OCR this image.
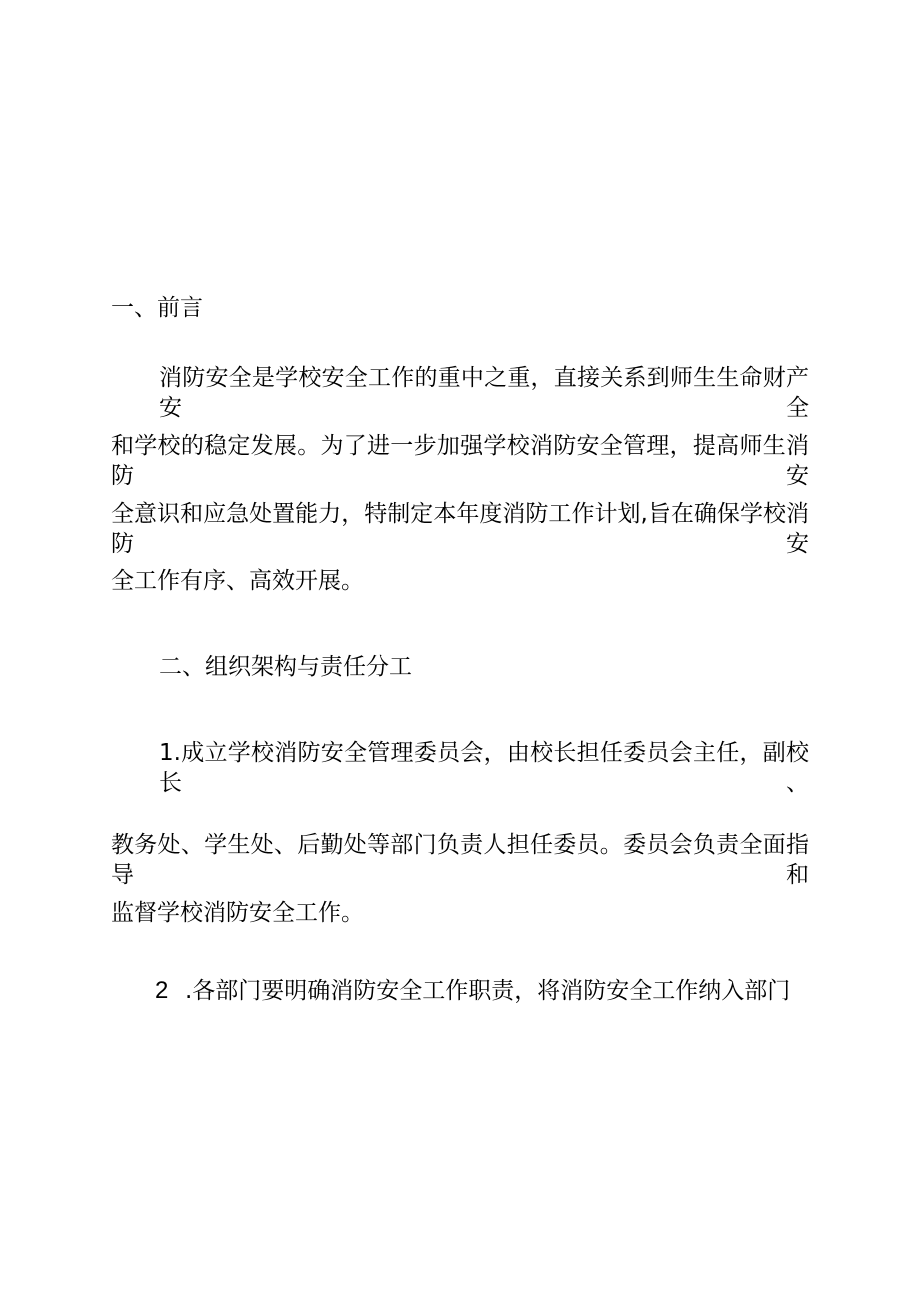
一、前言

消防安全是学校安全工作的重中之重，直接关系到师生生命财产安全

和学校的稳定发展。为了进一步加强学校消防安全管理，提高师生消防安

全意识和应急处置能力，特制定本年度消防工作计划,旨在确保学校消防安

全工作有序、高效开展。

二、组织架构与责任分工

1.成立学校消防安全管理委员会，由校长担任委员会主任，副校长、

教务处、学生处、后勤处等部门负责人担任委员。委员会负责全面指导和

监督学校消防安全工作。

2 .各部门要明确消防安全工作职责，将消防安全工作纳入部门
